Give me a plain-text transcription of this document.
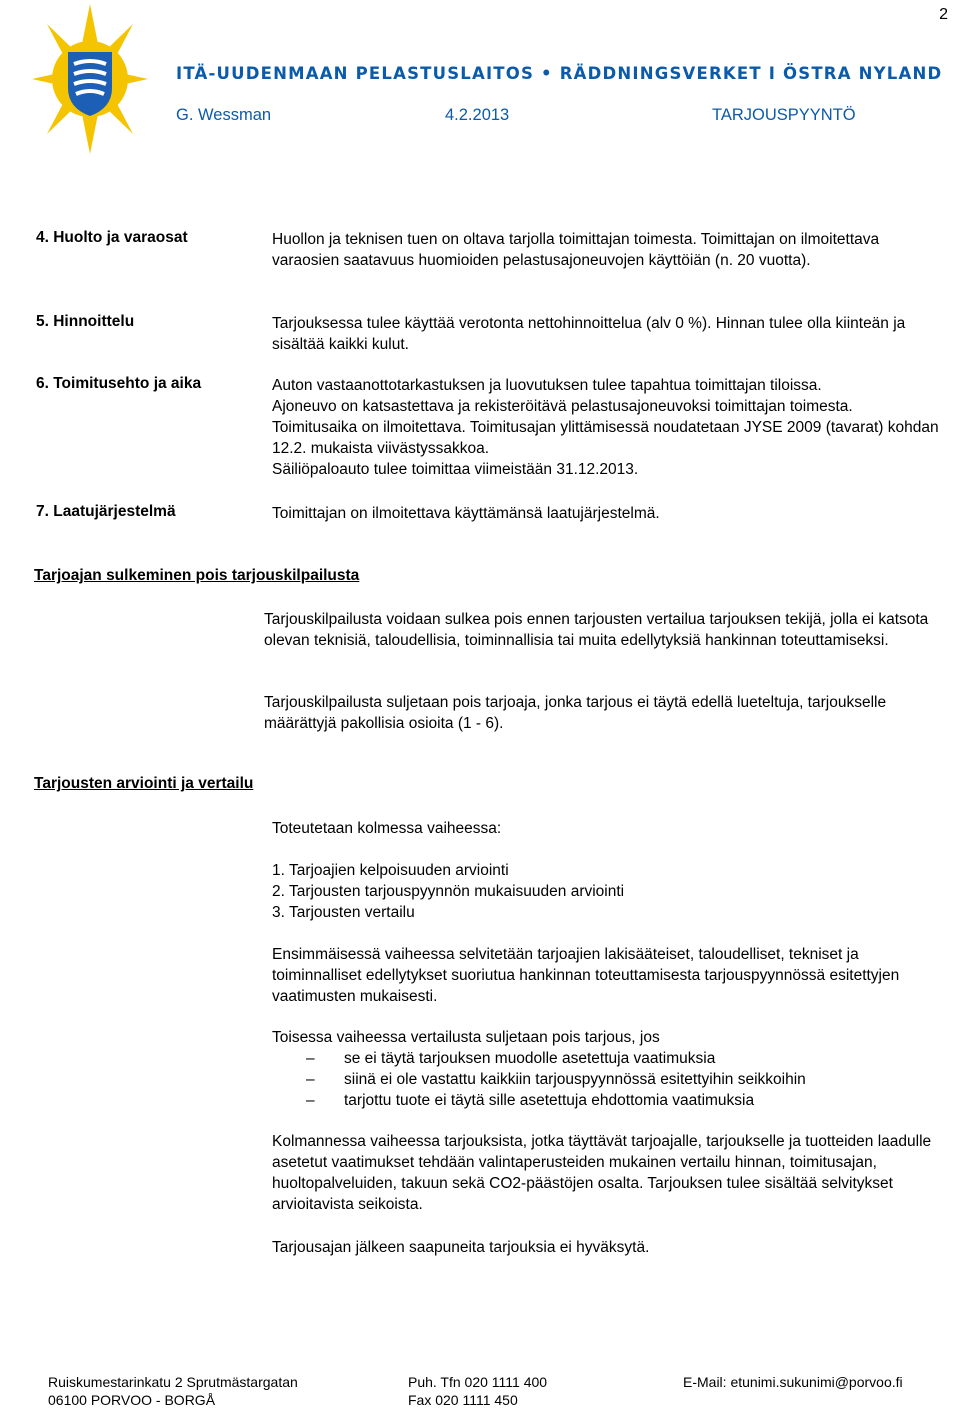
2
ITÄ-UUDENMAAN PELASTUSLAITOS • RÄDDNINGSVERKET I ÖSTRA NYLAND
G. Wessman	4.2.2013	TARJOUSPYYNTÖ
4. Huolto ja varaosat	Huollon ja teknisen tuen on oltava tarjolla toimittajan toimesta. Toimittajan on ilmoitettava varaosien saatavuus huomioiden pelastusajoneuvojen käyttöiän (n. 20 vuotta).
5. Hinnoittelu	Tarjouksessa tulee käyttää verotonta nettohinnoittelua (alv 0 %). Hinnan tulee olla kiinteän ja sisältää kaikki kulut.
6. Toimitusehto ja aika	Auton vastaanottotarkastuksen ja luovutuksen tulee tapahtua toimittajan tiloissa.

Ajoneuvo on katsastettava ja rekisteröitävä pelastusajoneuvoksi toimittajan toimesta.

Toimitusaika on ilmoitettava. Toimitusajan ylittämisessä noudatetaan JYSE 2009 (tavarat) kohdan 12.2. mukaista viivästyssakkoa.

Säiliöpaloauto tulee toimittaa viimeistään 31.12.2013.

7. Laatujärjestelmä	Toimittajan on ilmoitettava käyttämänsä laatujärjestelmä.
Tarjoajan sulkeminen pois tarjouskilpailusta
Tarjouskilpailusta voidaan sulkea pois ennen tarjousten vertailua tarjouksen tekijä, jolla ei katsota olevan teknisiä, taloudellisia, toiminnallisia tai muita edellytyksiä hankinnan toteuttamiseksi.
Tarjouskilpailusta suljetaan pois tarjoaja, jonka tarjous ei täytä edellä lueteltuja, tarjoukselle määrättyjä pakollisia osioita (1 - 6).
Tarjousten arviointi ja vertailu
Toteutetaan kolmessa vaiheessa:

1. Tarjoajien kelpoisuuden arviointi

2. Tarjousten tarjouspyynnön mukaisuuden arviointi

3. Tarjousten vertailu

Ensimmäisessä vaiheessa selvitetään tarjoajien lakisääteiset, taloudelliset, tekniset ja toiminnalliset edellytykset suoriutua hankinnan toteuttamisesta tarjouspyynnössä esitettyjen vaatimusten mukaisesti.

Toisessa vaiheessa vertailusta suljetaan pois tarjous, jos

– se ei täytä tarjouksen muodolle asetettuja vaatimuksia
– siinä ei ole vastattu kaikkiin tarjouspyynnössä esitettyihin seikkoihin
– tarjottu tuote ei täytä sille asetettuja ehdottomia vaatimuksia
Kolmannessa vaiheessa tarjouksista, jotka täyttävät tarjoajalle, tarjoukselle ja tuotteiden laadulle asetetut vaatimukset tehdään valintaperusteiden mukainen vertailu hinnan, toimitusajan, huoltopalveluiden, takuun sekä CO2-päästöjen osalta. Tarjouksen tulee sisältää selvitykset arvioitavista seikoista.
Tarjousajan jälkeen saapuneita tarjouksia ei hyväksytä.
Ruiskumestarinkatu 2 Sprutmästargatan
06100 PORVOO - BORGÅ
Puh. Tfn 020 1111 400
Fax 020 1111 450
E-Mail: etunimi.sukunimi@porvoo.fi
